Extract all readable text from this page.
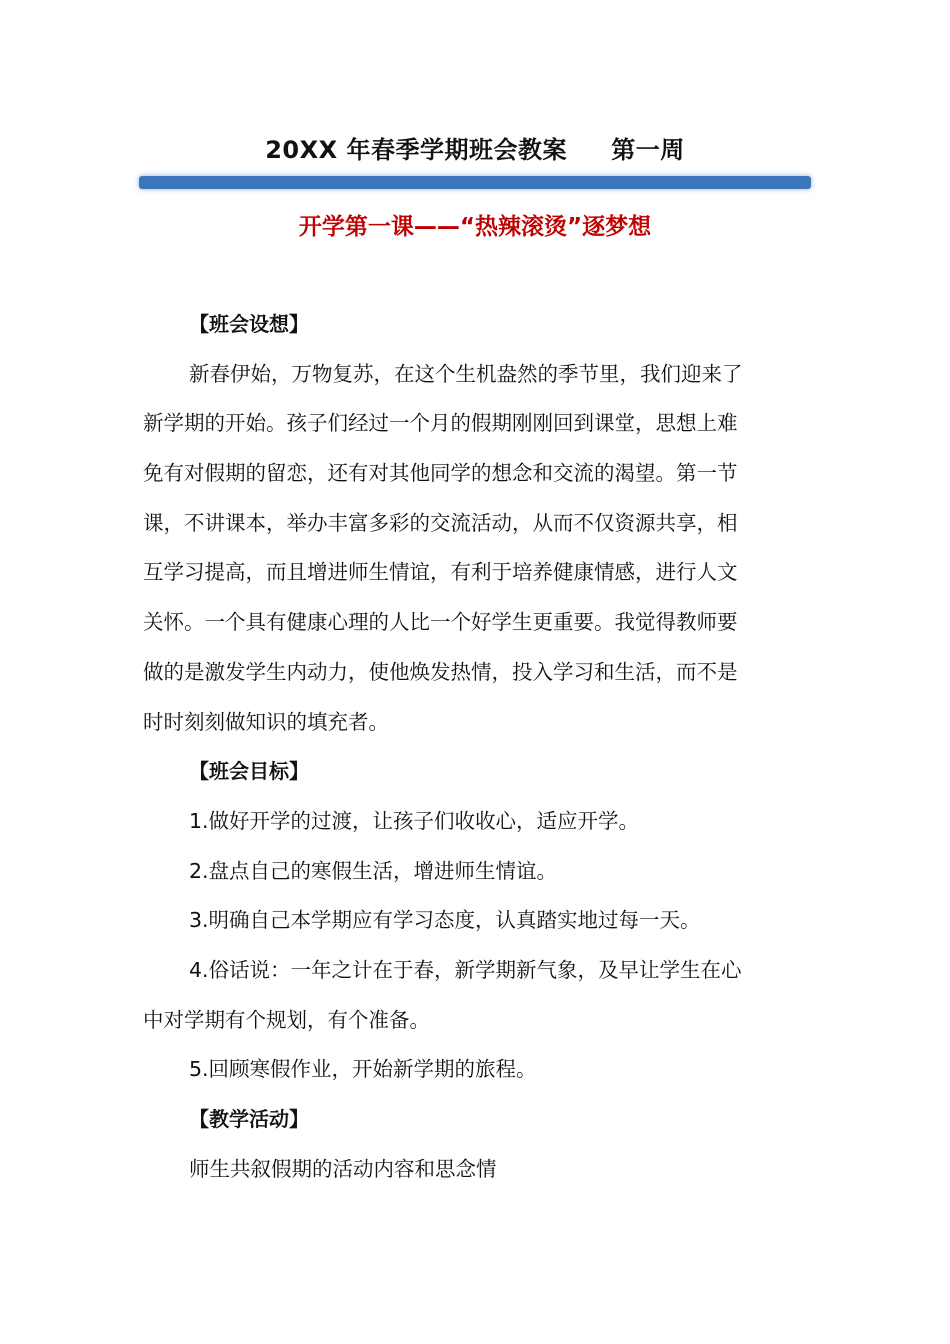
20XX 年春季学期班会教案     第一周
开学第一课——“热辣滚烫”逐梦想
【班会设想】
新春伊始，万物复苏，在这个生机盎然的季节里，我们迎来了
新学期的开始。孩子们经过一个月的假期刚刚回到课堂，思想上难
免有对假期的留恋，还有对其他同学的想念和交流的渴望。第一节
课，不讲课本，举办丰富多彩的交流活动，从而不仅资源共享，相
互学习提高，而且增进师生情谊，有利于培养健康情感，进行人文
关怀。一个具有健康心理的人比一个好学生更重要。我觉得教师要
做的是激发学生内动力，使他焕发热情，投入学习和生活，而不是
时时刻刻做知识的填充者。
【班会目标】
1.做好开学的过渡，让孩子们收收心，适应开学。
2.盘点自己的寒假生活，增进师生情谊。
3.明确自己本学期应有学习态度，认真踏实地过每一天。
4.俗话说：一年之计在于春，新学期新气象，及早让学生在心
中对学期有个规划，有个准备。
5.回顾寒假作业，开始新学期的旅程。
【教学活动】
师生共叙假期的活动内容和思念情
